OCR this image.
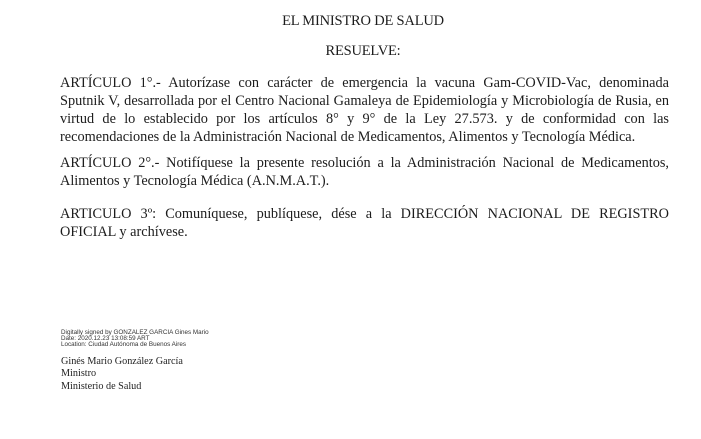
EL MINISTRO DE SALUD
RESUELVE:

ARTÍCULO 1°.- Autorízase con carácter de emergencia la vacuna Gam-COVID-Vac, denominada Sputnik V, desarrollada por el Centro Nacional Gamaleya de Epidemiología y Microbiología de Rusia, en virtud de lo establecido por los artículos 8° y 9° de la Ley 27.573. y de conformidad con las recomendaciones de la Administración Nacional de Medicamentos, Alimentos y Tecnología Médica.

ARTÍCULO 2°.- Notifíquese la presente resolución a la Administración Nacional de Medicamentos, Alimentos y Tecnología Médica (A.N.M.A.T.).

ARTICULO 3º: Comuníquese, publíquese, dése a la DIRECCIÓN NACIONAL DE REGISTRO OFICIAL y archívese.

Digitally signed by GONZALEZ GARCIA Gines Mario
Date: 2020.12.23 13:08:59 ART
Location: Ciudad Autónoma de Buenos Aires
Ginés Mario González García
Ministro
Ministerio de Salud
